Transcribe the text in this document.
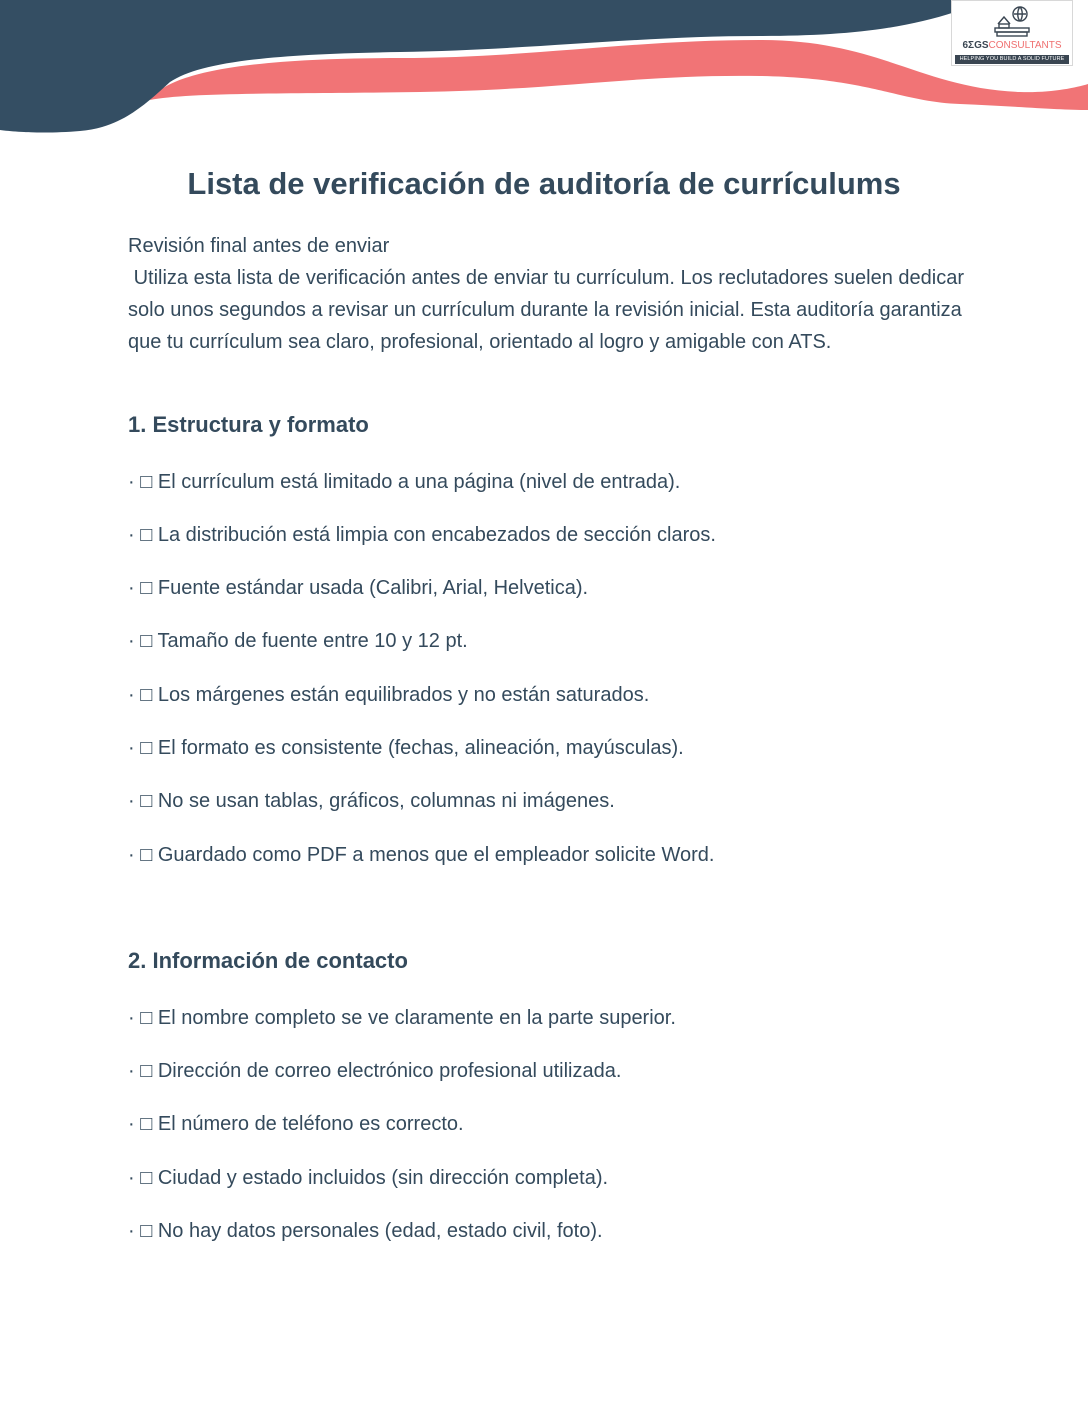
6ΣGSCONSULTANTS
HELPING YOU BUILD A SOLID FUTURE
Lista de verificación de auditoría de currículums

Revisión final antes de enviar

Utiliza esta lista de verificación antes de enviar tu currículum. Los reclutadores suelen dedicar solo unos segundos a revisar un currículum durante la revisión inicial. Esta auditoría garantiza que tu currículum sea claro, profesional, orientado al logro y amigable con ATS.

1. Estructura y formato

· □ El currículum está limitado a una página (nivel de entrada).

· □ La distribución está limpia con encabezados de sección claros.

· □ Fuente estándar usada (Calibri, Arial, Helvetica).

· □ Tamaño de fuente entre 10 y 12 pt.

· □ Los márgenes están equilibrados y no están saturados.

· □ El formato es consistente (fechas, alineación, mayúsculas).

· □ No se usan tablas, gráficos, columnas ni imágenes.

· □ Guardado como PDF a menos que el empleador solicite Word.

2. Información de contacto

· □ El nombre completo se ve claramente en la parte superior.

· □ Dirección de correo electrónico profesional utilizada.

· □ El número de teléfono es correcto.

· □ Ciudad y estado incluidos (sin dirección completa).

· □ No hay datos personales (edad, estado civil, foto).
